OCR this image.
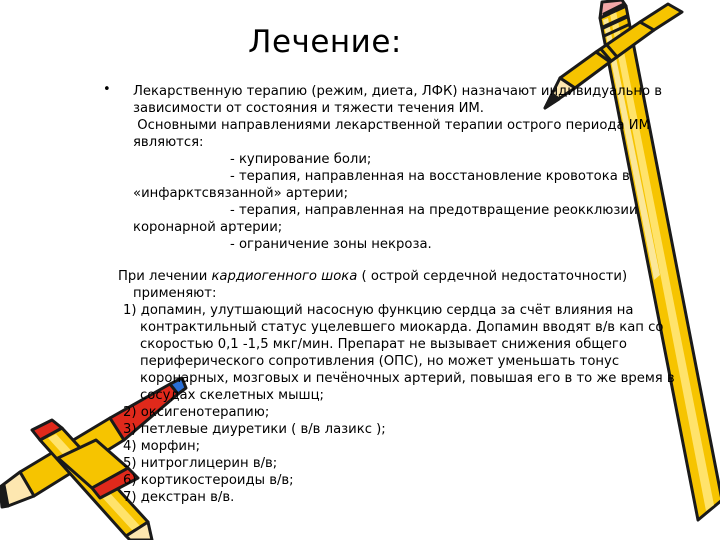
Лечение:
• Лекарственную терапию (режим, диета, ЛФК) назначают индивидуально в
зависимости от состояния и тяжести течения ИМ.
Основными направлениями лекарственной терапии острого периода ИМ
являются:
- купирование боли;
- терапия, направленная на восстановление кровотока в
«инфарктсвязанной» артерии;
- терапия, направленная на предотвращение реокклюзии
коронарной артерии;
- ограничение зоны некроза.
При лечении кардиогенного шока ( острой сердечной недостаточности)
применяют:
1) допамин, улутшающий насосную функцию сердца за счёт влияния на
контрактильный статус уцелевшего миокарда. Допамин вводят в/в кап со
скоростью 0,1 -1,5 мкг/мин. Препарат не вызывает снижения общего
периферического сопротивления (ОПС), но может уменьшать тонус
коронарных, мозговых и печёночных артерий, повышая его в то же время в
сосудах скелетных мышц;
2) оксигенотерапию;
3) петлевые диуретики ( в/в лазикс );
4) морфин;
5) нитроглицерин в/в;
6) кортикостероиды в/в;
7) декстран в/в.
